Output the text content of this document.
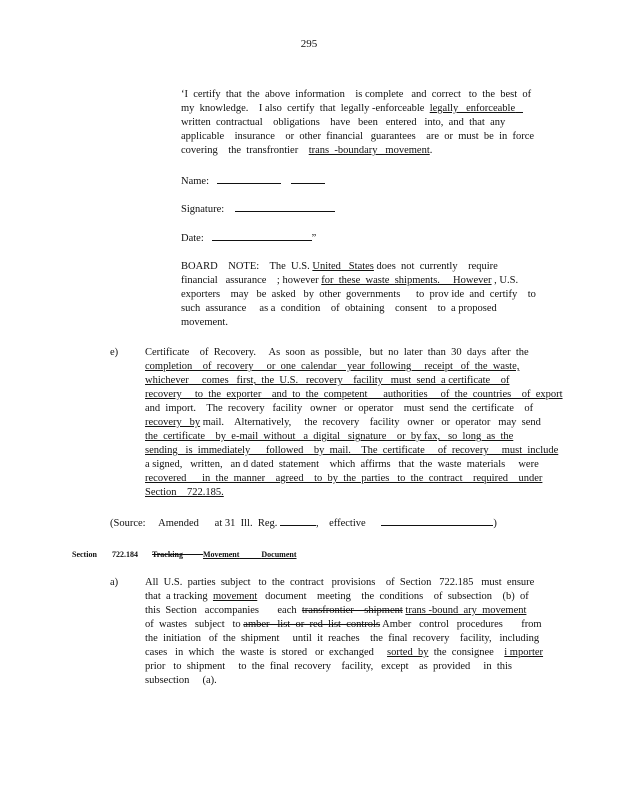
295
‘I  certify  that  the  above  information    is complete   and  correct   to  the  best  of
my  knowledge.    I also  certify  that  legally -enforceable legally   enforceable
written  contractual    obligations    have   been   entered   into,  and  that  any
applicable    insurance    or  other  financial   guarantees    are  or  must  be  in  force
covering    the  transfrontier trans  -boundary   movement.
Name:
Signature:
Date:	”
BOARD    NOTE:    The  U.S. United   States does  not  currently    require
financial   assurance    ; however for  these  waste  shipments.     However , U.S.
exporters    may   be  asked   by  other  governments      to  prov ide  and  certify    to
such  assurance     as a  condition    of  obtaining    consent    to  a proposed
movement.
e)	Certificate    of  Recovery.     As  soon  as  possible,   but  no  later  than  30  days  after  the
completion    of  recovery     or  one  calendar    year  following     receipt   of  the  waste,
whichever     comes   first,  the  U.S.   recovery    facility   must  send  a certificate    of
recovery     to  the  exporter    and  to  the  competent      authorities     of  the  countries    of  export
and  import.    The  recovery   facility   owner   or  operator    must  send  the  certificate    of
recovery   by mail.    Alternatively,     the  recovery    facility   owner   or  operator   may  send
the  certificate    by  e-mail  without   a  digital   signature    or  by fax,   so  long  as  the
sending   is  immediately      followed    by  mail.    The  certificate     of  recovery     must  include
a signed,   written,   an d dated  statement    which  affirms   that  the  waste  materials     were
recovered      in  the  manner    agreed    to  by  the  parties   to  the  contract    required    under
Section    722.185.
(Source:     Amended      at 31  Ill.  Reg.	,    effective	)
Section 722.184 Tracking	Movement	Document
a)	All  U.S.  parties  subject   to  the  contract   provisions    of  Section   722.185   must  ensure
that  a tracking  movement   document    meeting    the  conditions    of  subsection    (b)  of
this  Section   accompanies       each  transfrontier    shipment trans -bound  ary  movement
of  wastes   subject   to amber   list  or  red  list  controls Amber   control   procedures       from
the  initiation   of  the  shipment     until  it  reaches    the  final  recovery    facility,   including
cases   in  which   the  waste  is  stored   or  exchanged     sorted  by  the  consignee    i mporter
prior   to  shipment     to  the  final  recovery    facility,   except    as  provided     in  this
subsection     (a).
